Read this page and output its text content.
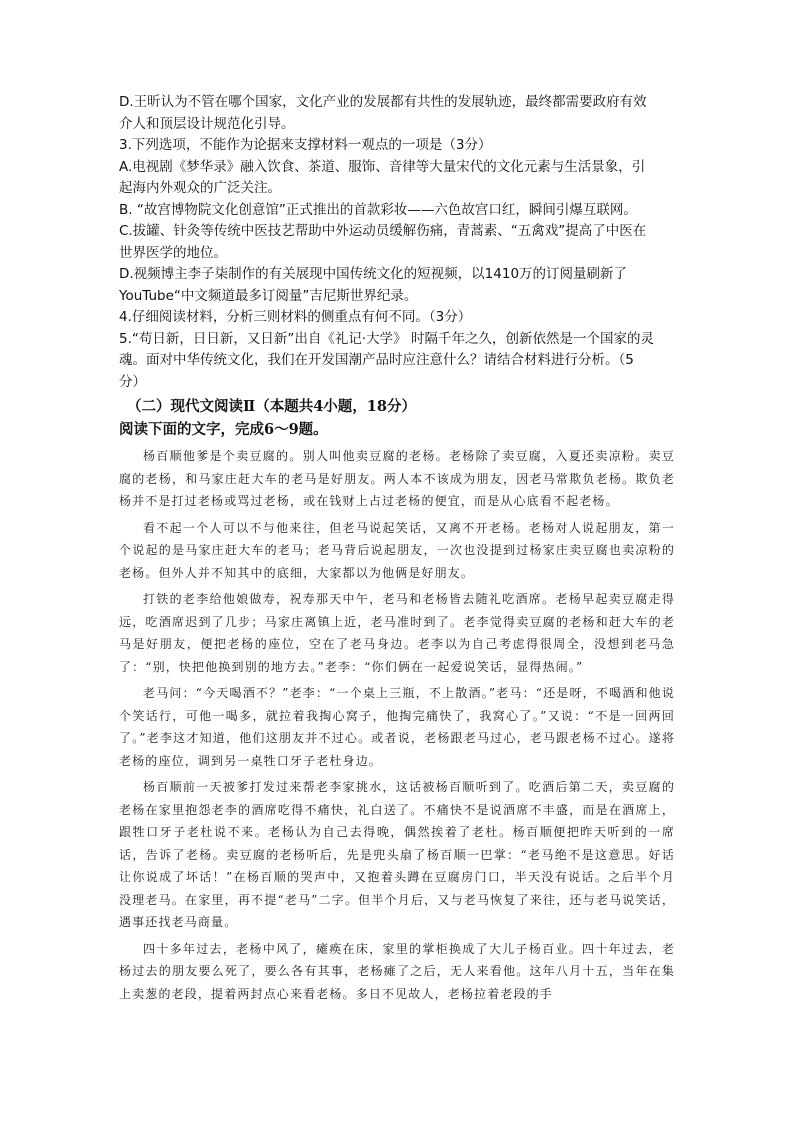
D.王昕认为不管在哪个国家，文化产业的发展都有共性的发展轨迹，最终都需要政府有效

介人和顶层设计规范化引导。

3.下列选项，不能作为论据来支撑材料一观点的一项是（3分）

A.电视剧《梦华录》融入饮食、茶道、服饰、音律等大量宋代的文化元素与生活景象，引

起海内外观众的广泛关注。

B. “故宫博物院文化创意馆”正式推出的首款彩妆——六色故宫口红，瞬间引爆互联网。

C.拔罐、针灸等传统中医技艺帮助中外运动员缓解伤痛，青蒿素、“五禽戏”提高了中医在

世界医学的地位。

D.视频博主李子柒制作的有关展现中国传统文化的短视频，以1410万的订阅量刷新了

YouTube“中文频道最多订阅量”吉尼斯世界纪录。

4.仔细阅读材料，分析三则材料的侧重点有何不同。（3分）

5.“苟日新，日日新，又日新”出自《礼记·大学》 时隔千年之久，创新依然是一个国家的灵

魂。面对中华传统文化，我们在开发国潮产品时应注意什么？请结合材料进行分析。（5

分）

（二）现代文阅读Ⅱ（本题共4小题，18分）

阅读下面的文字，完成6～9题。

杨百顺他爹是个卖豆腐的。别人叫他卖豆腐的老杨。老杨除了卖豆腐，入夏还卖凉粉。卖豆腐的老杨，和马家庄赶大车的老马是好朋友。两人本不该成为朋友，因老马常欺负老杨。欺负老杨并不是打过老杨或骂过老杨，或在钱财上占过老杨的便宜，而是从心底看不起老杨。

看不起一个人可以不与他来往，但老马说起笑话，又离不开老杨。老杨对人说起朋友，第一个说起的是马家庄赶大车的老马；老马背后说起朋友，一次也没提到过杨家庄卖豆腐也卖凉粉的老杨。但外人并不知其中的底细，大家都以为他俩是好朋友。

打铁的老李给他娘做寿，祝寿那天中午，老马和老杨皆去随礼吃酒席。老杨早起卖豆腐走得远，吃酒席迟到了几步；马家庄离镇上近，老马准时到了。老李觉得卖豆腐的老杨和赶大车的老马是好朋友，便把老杨的座位，空在了老马身边。老李以为自己考虑得很周全，没想到老马急了：“别，快把他换到别的地方去。”老李：“你们俩在一起爱说笑话，显得热闹。”

老马问：“今天喝酒不？”老李：“一个桌上三瓶，不上散酒。”老马：“还是呀，不喝酒和他说个笑话行，可他一喝多，就拉着我掏心窝子，他掏完痛快了，我窝心了。”又说：“不是一回两回了。”老李这才知道，他们这朋友并不过心。或者说，老杨跟老马过心，老马跟老杨不过心。遂将老杨的座位，调到另一桌牲口牙子老杜身边。

杨百顺前一天被爹打发过来帮老李家挑水，这话被杨百顺听到了。吃酒后第二天，卖豆腐的老杨在家里抱怨老李的酒席吃得不痛快，礼白送了。不痛快不是说酒席不丰盛，而是在酒席上，跟牲口牙子老杜说不来。老杨认为自己去得晚，偶然挨着了老杜。杨百顺便把昨天听到的一席话，告诉了老杨。卖豆腐的老杨听后，先是兜头扇了杨百顺一巴掌：“老马绝不是这意思。好话让你说成了坏话！”在杨百顺的哭声中，又抱着头蹲在豆腐房门口，半天没有说话。之后半个月没理老马。在家里，再不提“老马”二字。但半个月后，又与老马恢复了来往，还与老马说笑话，遇事还找老马商量。

四十多年过去，老杨中风了，瘫痪在床，家里的掌柜换成了大儿子杨百业。四十年过去，老杨过去的朋友要么死了，要么各有其事，老杨瘫了之后，无人来看他。这年八月十五，当年在集上卖葱的老段，提着两封点心来看老杨。多日不见故人，老杨拉着老段的手
